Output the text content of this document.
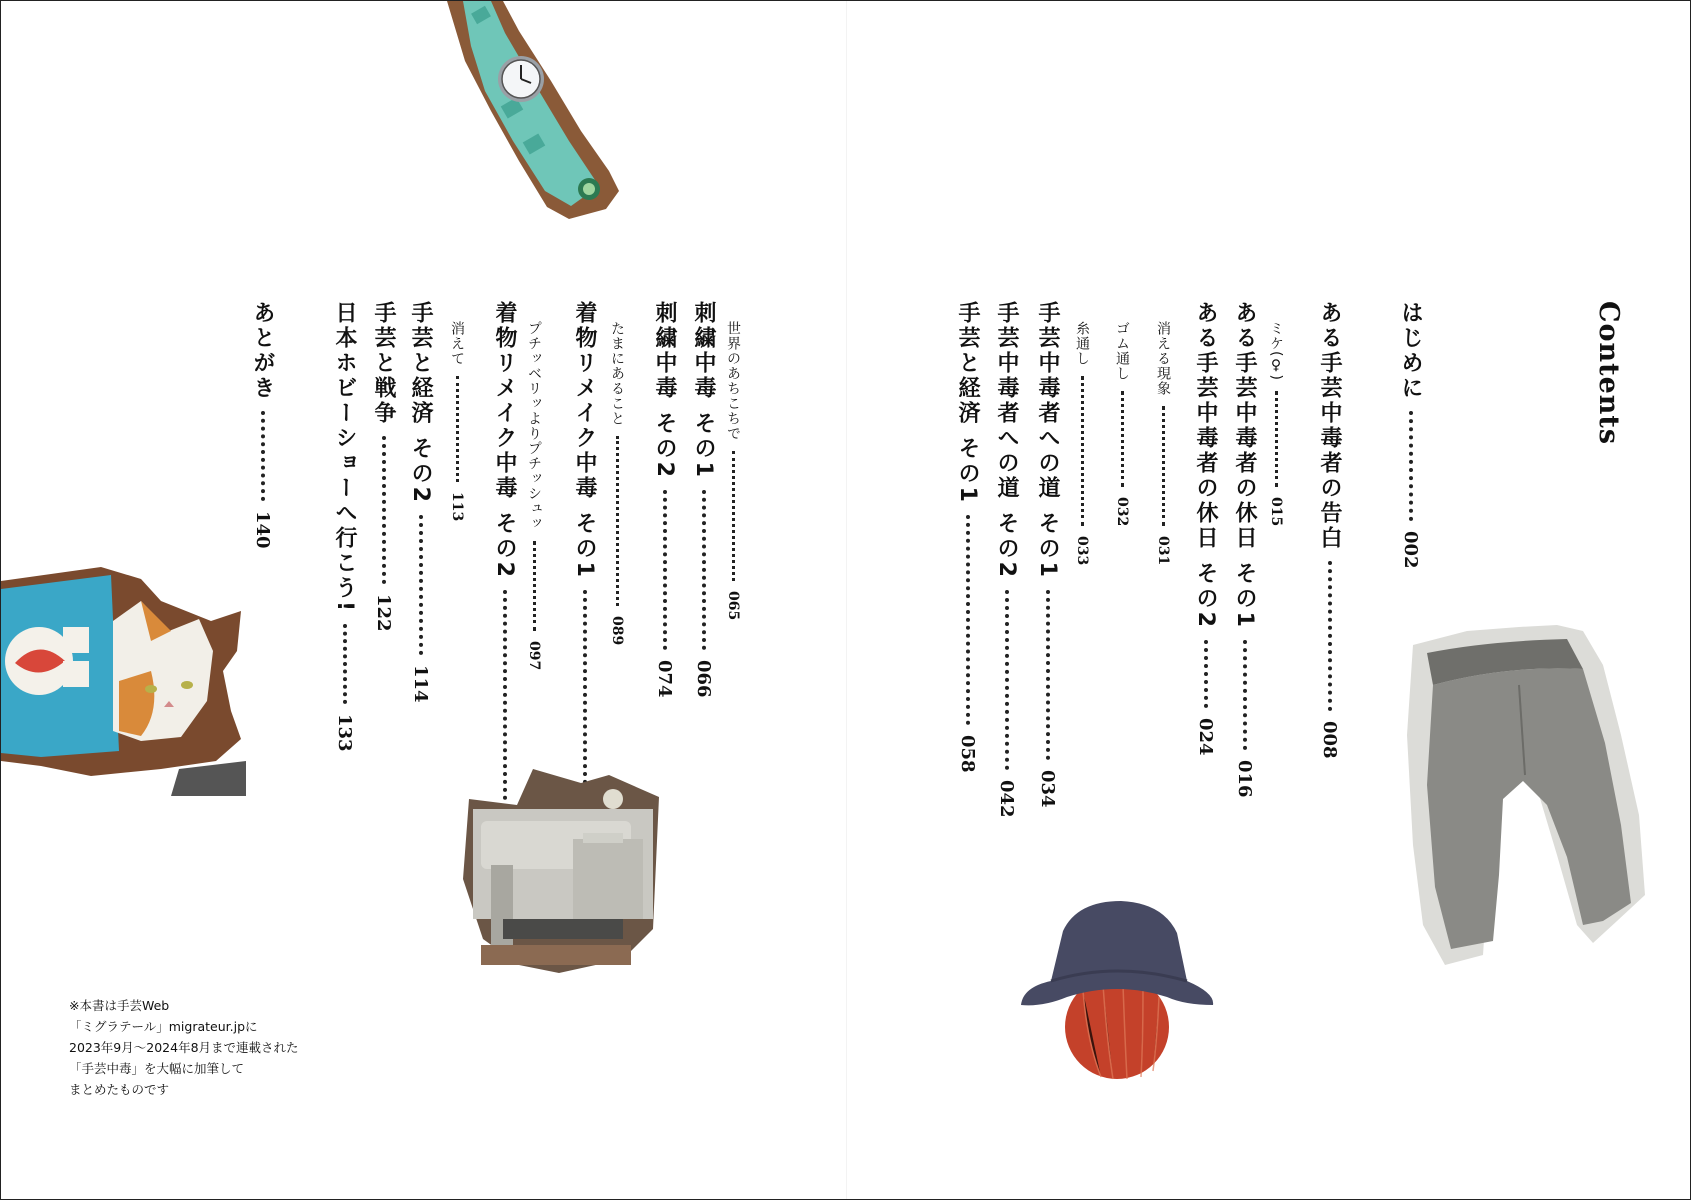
Contents
はじめに
002
ある手芸中毒者の告白
008
ミケ(♀)
015
ある手芸中毒者の休日 その1
016
ある手芸中毒者の休日 その2
024
消える現象
031
ゴム通し
032
糸通し
033
手芸中毒者への道 その1
034
手芸中毒者への道 その2
042
手芸と経済 その1
058
世界のあちこちで
065
刺繍中毒 その1
066
刺繍中毒 その2
074
たまにあること
089
着物リメイク中毒 その1
プチッベリッよりプチッシュッ
097
着物リメイク中毒 その2
消えて
113
手芸と経済 その2
114
手芸と戦争
122
日本ホビーショーへ行こう!
133
あとがき
140
※本書は手芸Web
「ミグラテール」migrateur.jpに
2023年9月〜2024年8月まで連載された
「手芸中毒」を大幅に加筆して
まとめたものです
